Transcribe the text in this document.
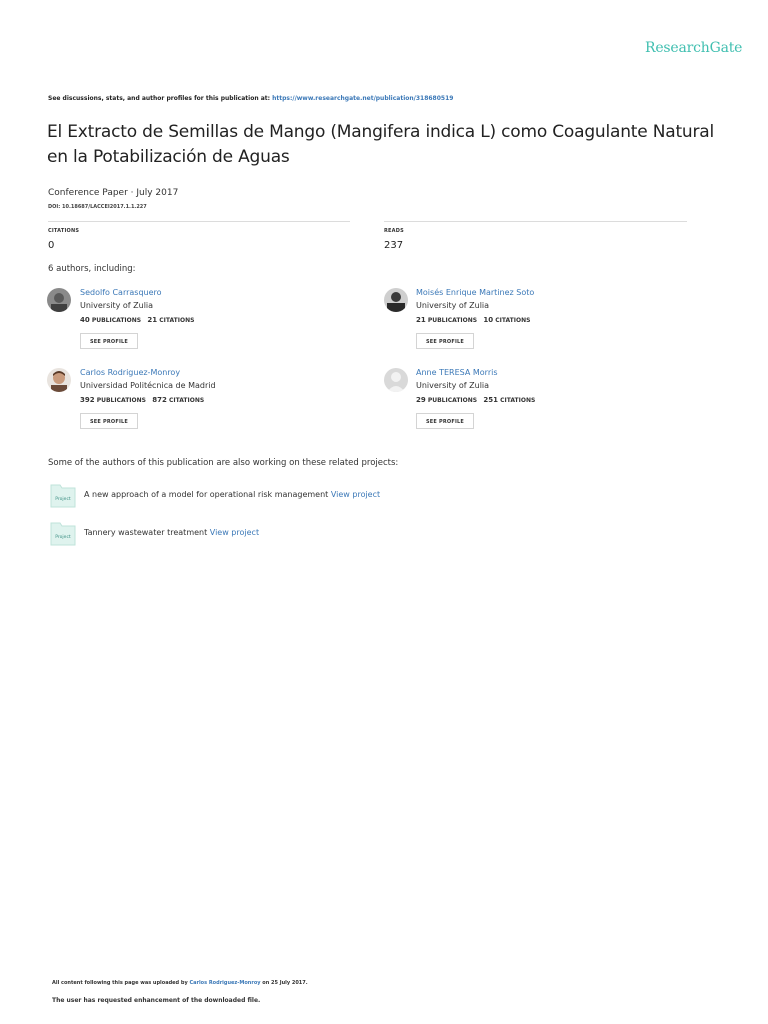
ResearchGate
See discussions, stats, and author profiles for this publication at: https://www.researchgate.net/publication/318680519
El Extracto de Semillas de Mango (Mangifera indica L) como Coagulante Natural en la Potabilización de Aguas
Conference Paper · July 2017
DOI: 10.18687/LACCEI2017.1.1.227
CITATIONS
0
READS
237
6 authors, including:
Sedolfo Carrasquero
University of Zulia
40 PUBLICATIONS 21 CITATIONS
SEE PROFILE
Moisés Enrique Martinez Soto
University of Zulia
21 PUBLICATIONS 10 CITATIONS
SEE PROFILE
Carlos Rodriguez-Monroy
Universidad Politécnica de Madrid
392 PUBLICATIONS 872 CITATIONS
SEE PROFILE
Anne TERESA Morris
University of Zulia
29 PUBLICATIONS 251 CITATIONS
SEE PROFILE
Some of the authors of this publication are also working on these related projects:
Project
A new approach of a model for operational risk management View project
Project
Tannery wastewater treatment View project
All content following this page was uploaded by Carlos Rodriguez-Monroy on 25 July 2017.
The user has requested enhancement of the downloaded file.
